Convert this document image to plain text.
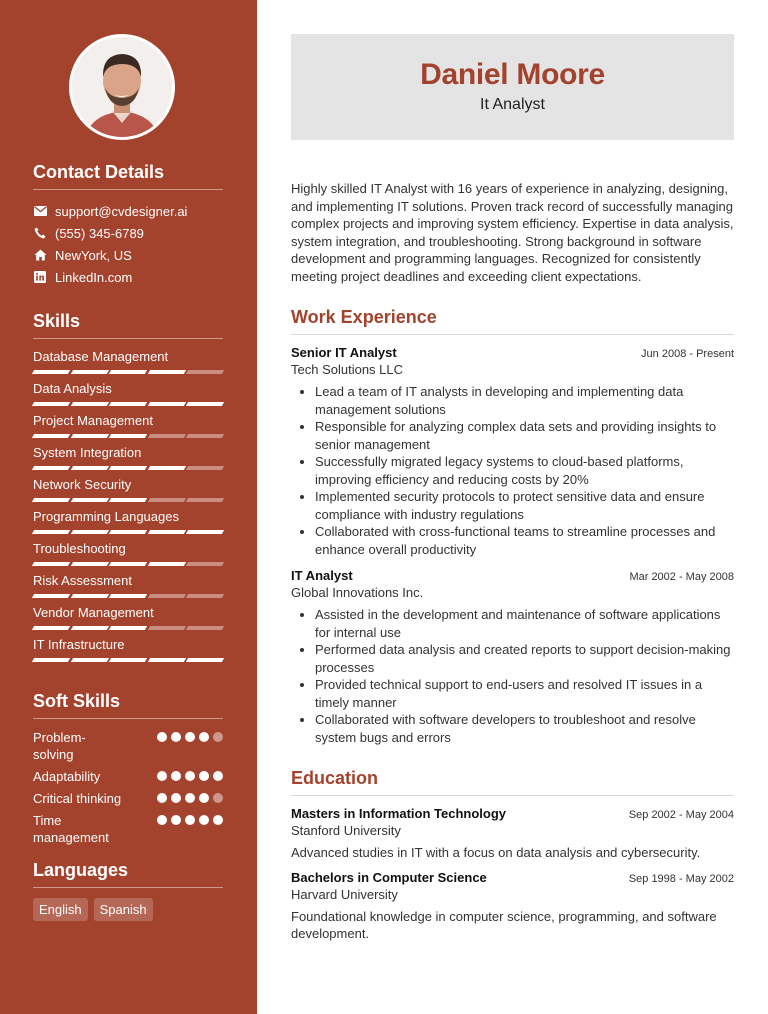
Contact Details
support@cvdesigner.ai
(555) 345-6789
NewYork, US
LinkedIn.com
Skills
Database Management
Data Analysis
Project Management
System Integration
Network Security
Programming Languages
Troubleshooting
Risk Assessment
Vendor Management
IT Infrastructure
Soft Skills
Problem-solving
Adaptability
Critical thinking
Time management
Languages
English	Spanish
Daniel Moore
It Analyst
Highly skilled IT Analyst with 16 years of experience in analyzing, designing, and implementing IT solutions. Proven track record of successfully managing complex projects and improving system efficiency. Expertise in data analysis, system integration, and troubleshooting. Strong background in software development and programming languages. Recognized for consistently meeting project deadlines and exceeding client expectations.
Work Experience
Senior IT Analyst	Jun 2008 - Present
Tech Solutions LLC
• Lead a team of IT analysts in developing and implementing data management solutions
• Responsible for analyzing complex data sets and providing insights to senior management
• Successfully migrated legacy systems to cloud-based platforms, improving efficiency and reducing costs by 20%
• Implemented security protocols to protect sensitive data and ensure compliance with industry regulations
• Collaborated with cross-functional teams to streamline processes and enhance overall productivity
IT Analyst	Mar 2002 - May 2008
Global Innovations Inc.
• Assisted in the development and maintenance of software applications for internal use
• Performed data analysis and created reports to support decision-making processes
• Provided technical support to end-users and resolved IT issues in a timely manner
• Collaborated with software developers to troubleshoot and resolve system bugs and errors
Education
Masters in Information Technology	Sep 2002 - May 2004
Stanford University
Advanced studies in IT with a focus on data analysis and cybersecurity.
Bachelors in Computer Science	Sep 1998 - May 2002
Harvard University
Foundational knowledge in computer science, programming, and software development.
